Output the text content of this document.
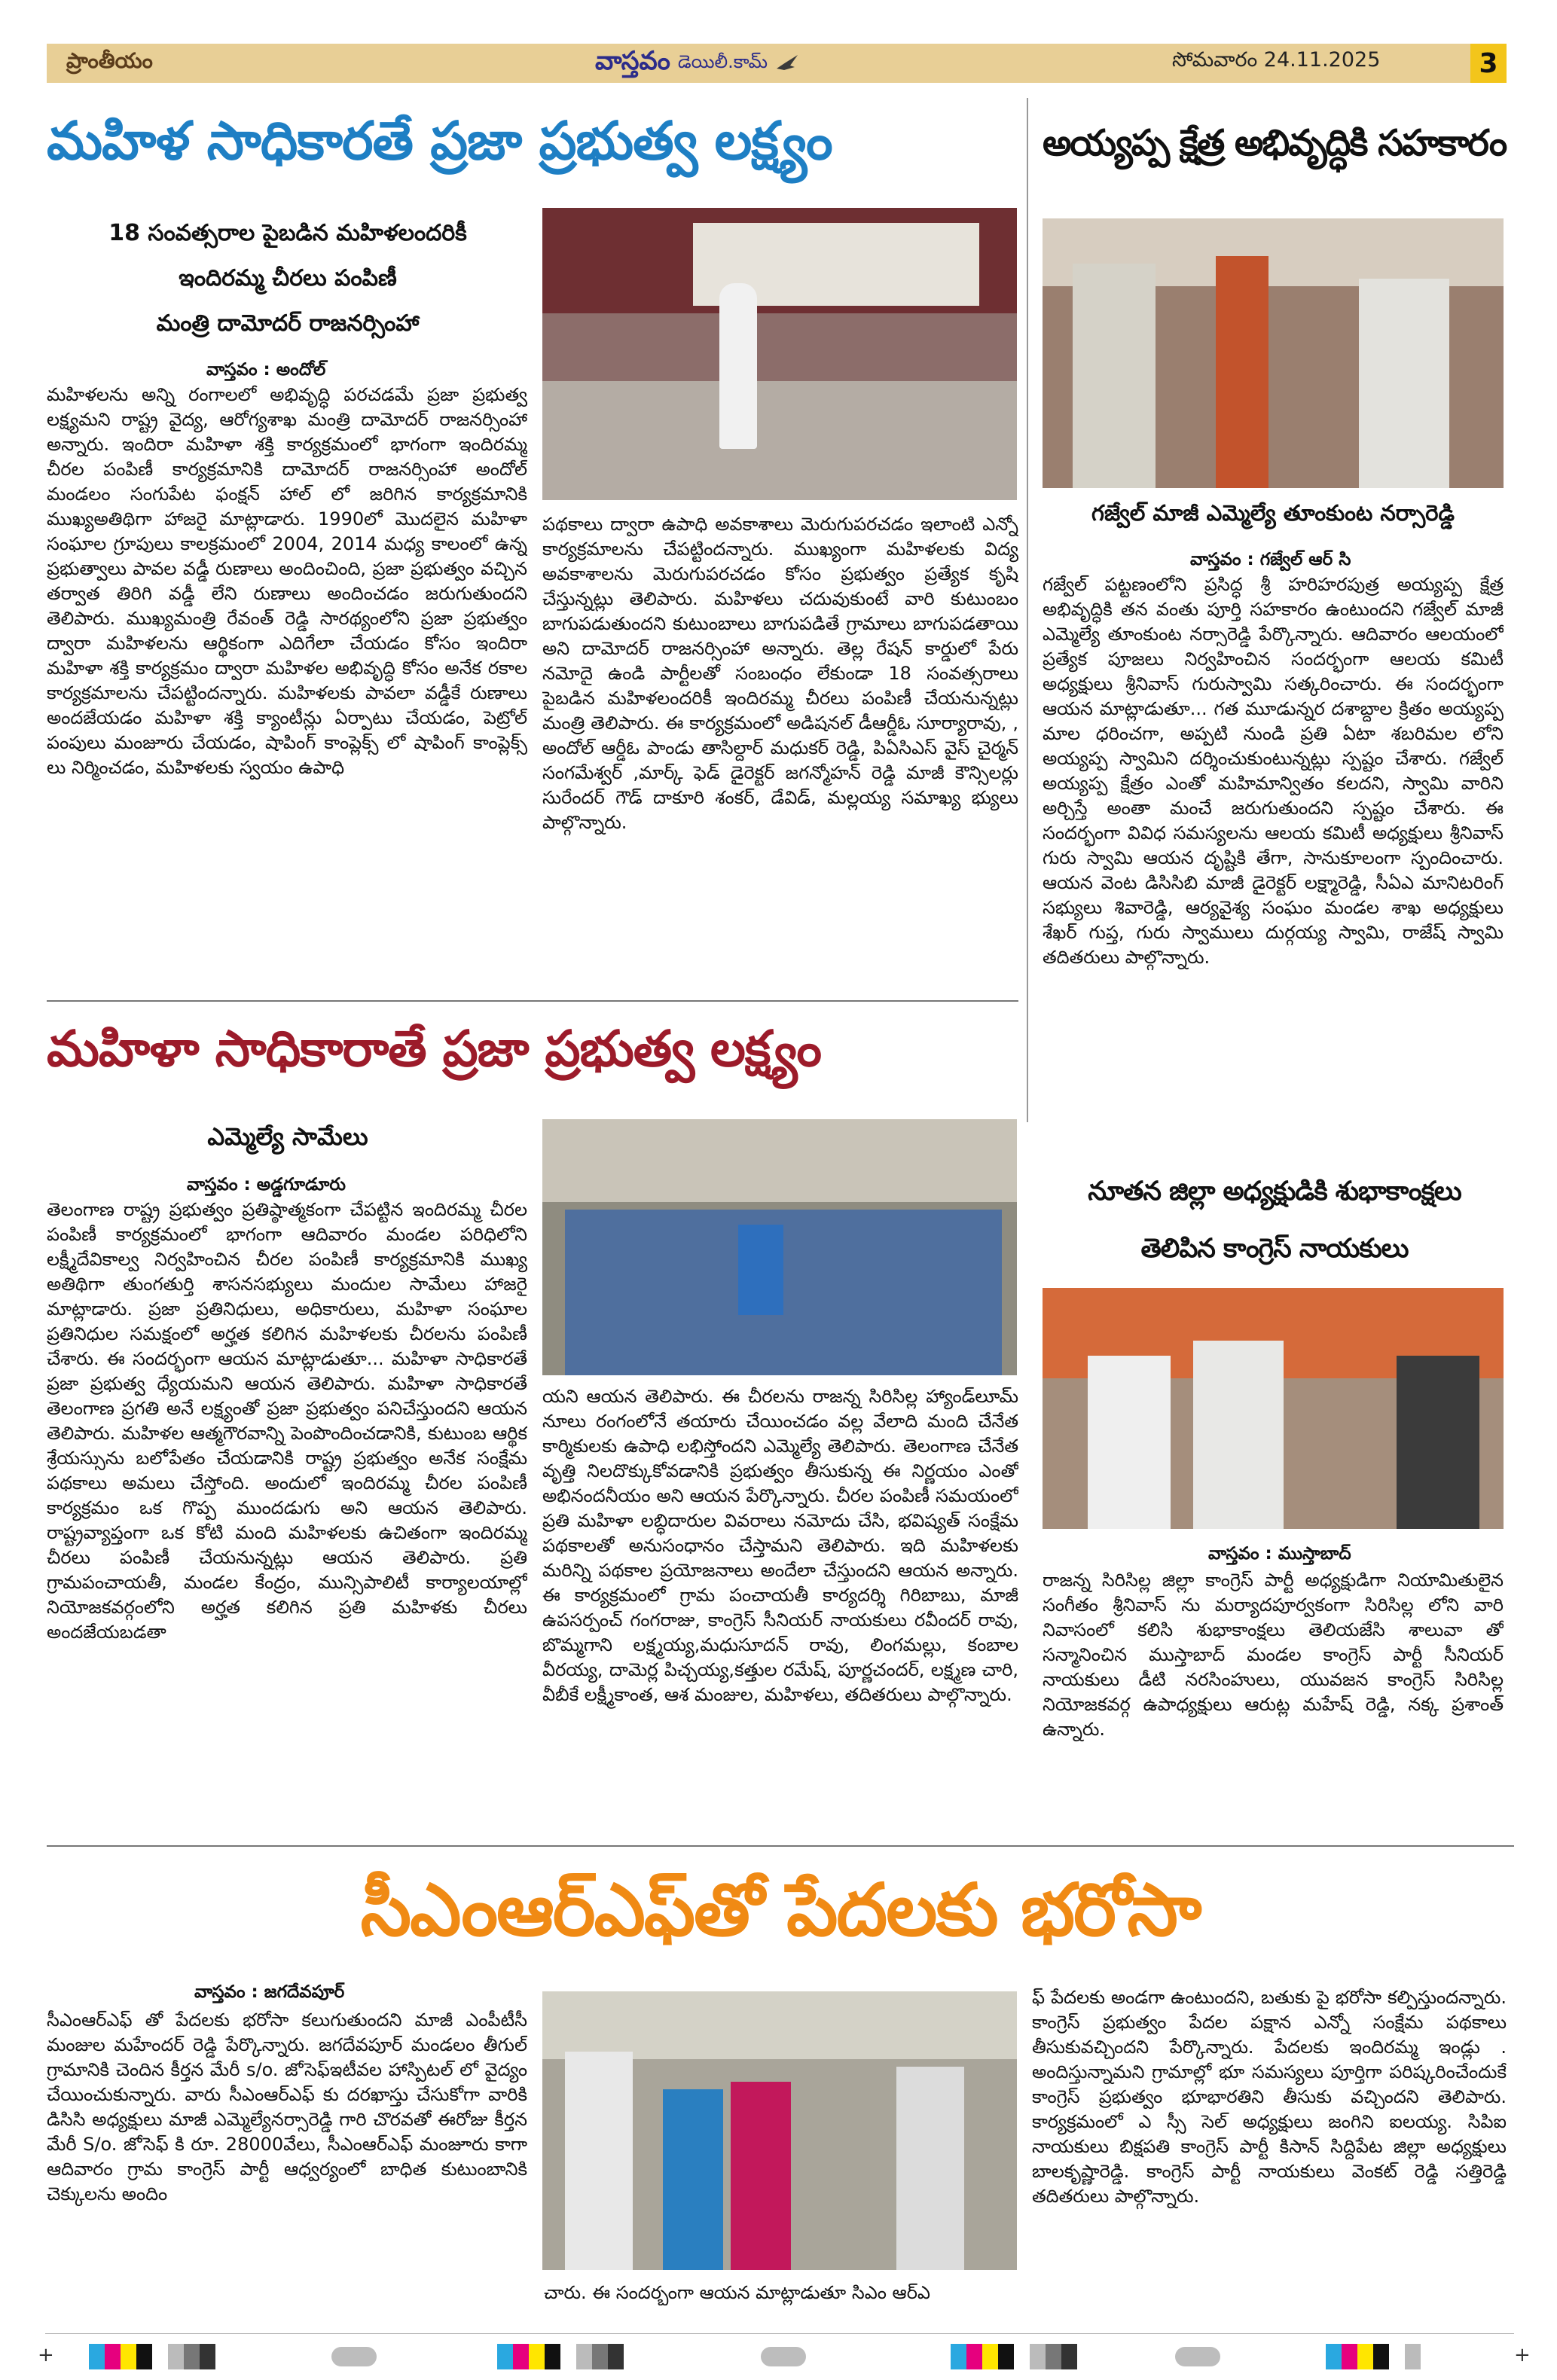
3
ప్రాంతీయం	వాస్తవం డెయిలీ.కామ్	సోమవారం 24.11.2025
మహిళ సాధికారతే ప్రజా ప్రభుత్వ లక్ష్యం
18 సంవత్సరాల పైబడిన మహిళలందరికీ
ఇందిరమ్మ చీరలు పంపిణీ
మంత్రి దామోదర్ రాజనర్సింహా
వాస్తవం : అందోల్

మహిళలను అన్ని రంగాలలో అభివృద్ధి పరచడమే ప్రజా ప్రభుత్వ లక్ష్యమని రాష్ట్ర వైద్య, ఆరోగ్యశాఖ మంత్రి దామోదర్ రాజనర్సింహా అన్నారు. ఇందిరా మహిళా శక్తి కార్యక్రమంలో భాగంగా ఇందిరమ్మ చీరల పంపిణీ కార్యక్రమానికి దామోదర్ రాజనర్సింహా అందోల్ మండలం సంగుపేట ఫంక్షన్ హాల్ లో జరిగిన కార్యక్రమానికి ముఖ్యఅతిథిగా హాజరై మాట్లాడారు. 1990లో మొదలైన మహిళా సంఘాల గ్రూపులు కాలక్రమంలో 2004, 2014 మధ్య కాలంలో ఉన్న ప్రభుత్వాలు పావల వడ్డీ రుణాలు అందించింది, ప్రజా ప్రభుత్వం వచ్చిన తర్వాత తిరిగి వడ్డీ లేని రుణాలు అందించడం జరుగుతుందని తెలిపారు. ముఖ్యమంత్రి రేవంత్ రెడ్డి సారథ్యంలోని ప్రజా ప్రభుత్వం ద్వారా మహిళలను ఆర్థికంగా ఎదిగేలా చేయడం కోసం ఇందిరా మహిళా శక్తి కార్యక్రమం ద్వారా మహిళల అభివృద్ధి కోసం అనేక రకాల కార్యక్రమాలను చేపట్టిందన్నారు. మహిళలకు పావలా వడ్డీకే రుణాలు అందజేయడం మహిళా శక్తి క్యాంటీన్లు ఏర్పాటు చేయడం, పెట్రోల్ పంపులు మంజూరు చేయడం, షాపింగ్ కాంప్లెక్స్ లో షాపింగ్ కాంప్లెక్స్ లు నిర్మించడం, మహిళలకు స్వయం ఉపాధి

పథకాలు ద్వారా ఉపాధి అవకాశాలు మెరుగుపరచడం ఇలాంటి ఎన్నో కార్యక్రమాలను చేపట్టిందన్నారు. ముఖ్యంగా మహిళలకు విద్య అవకాశాలను మెరుగుపరచడం కోసం ప్రభుత్వం ప్రత్యేక కృషి చేస్తున్నట్లు తెలిపారు. మహిళలు చదువుకుంటే వారి కుటుంబం బాగుపడుతుందని కుటుంబాలు బాగుపడితే గ్రామాలు బాగుపడతాయి అని దామోదర్ రాజనర్సింహా అన్నారు. తెల్ల రేషన్ కార్డులో పేరు నమోదై ఉండి పార్టీలతో సంబంధం లేకుండా 18 సంవత్సరాలు పైబడిన మహిళలందరికీ ఇందిరమ్మ చీరలు పంపిణీ చేయనున్నట్లు మంత్రి తెలిపారు. ఈ కార్యక్రమంలో అడిషనల్ డీఆర్డీఓ సూర్యారావు, , అందోల్ ఆర్డీఓ పాండు తాసిల్దార్ మధుకర్ రెడ్డి, పిఏసిఎస్ వైస్ చైర్మన్ సంగమేశ్వర్ ,మార్క్ ఫెడ్ డైరెక్టర్ జగన్మోహన్ రెడ్డి మాజీ కౌన్సిలర్లు సురేందర్ గౌడ్ దాకూరి శంకర్, డేవిడ్, మల్లయ్య సమాఖ్య భ్యులు పాల్గొన్నారు.

మహిళా సాధికారాతే ప్రజా ప్రభుత్వ లక్ష్యం
ఎమ్మెల్యే సామేలు
వాస్తవం : అడ్డగూడూరు

తెలంగాణ రాష్ట్ర ప్రభుత్వం ప్రతిష్ఠాత్మకంగా చేపట్టిన ఇందిరమ్మ చీరల పంపిణీ కార్యక్రమంలో భాగంగా ఆదివారం మండల పరిధిలోని లక్ష్మీదేవికాల్వ నిర్వహించిన చీరల పంపిణీ కార్యక్రమానికి ముఖ్య అతిథిగా తుంగతుర్తి శాసనసభ్యులు మందుల సామేలు హాజరై మాట్లాడారు. ప్రజా ప్రతినిధులు, అధికారులు, మహిళా సంఘాల ప్రతినిధుల సమక్షంలో అర్హత కలిగిన మహిళలకు చీరలను పంపిణీ చేశారు. ఈ సందర్భంగా ఆయన మాట్లాడుతూ... మహిళా సాధికారతే ప్రజా ప్రభుత్వ ధ్యేయమని ఆయన తెలిపారు. మహిళా సాధికారతే తెలంగాణ ప్రగతి అనే లక్ష్యంతో ప్రజా ప్రభుత్వం పనిచేస్తుందని ఆయన తెలిపారు. మహిళల ఆత్మగౌరవాన్ని పెంపొందించడానికి, కుటుంబ ఆర్థిక శ్రేయస్సును బలోపేతం చేయడానికి రాష్ట్ర ప్రభుత్వం అనేక సంక్షేమ పథకాలు అమలు చేస్తోంది. అందులో ఇందిరమ్మ చీరల పంపిణీ కార్యక్రమం ఒక గొప్ప ముందడుగు అని ఆయన తెలిపారు. రాష్ట్రవ్యాప్తంగా ఒక కోటి మంది మహిళలకు ఉచితంగా ఇందిరమ్మ చీరలు పంపిణీ చేయనున్నట్లు ఆయన తెలిపారు. ప్రతి గ్రామపంచాయతీ, మండల కేంద్రం, మున్సిపాలిటీ కార్యాలయాల్లో నియోజకవర్గంలోని అర్హత కలిగిన ప్రతి మహిళకు చీరలు అందజేయబడతా

యని ఆయన తెలిపారు. ఈ చీరలను రాజన్న సిరిసిల్ల హ్యాండ్‌లూమ్ నూలు రంగంలోనే తయారు చేయించడం వల్ల వేలాది మంది చేనేత కార్మికులకు ఉపాధి లభిస్తోందని ఎమ్మెల్యే తెలిపారు. తెలంగాణ చేనేత వృత్తి నిలదొక్కుకోవడానికి ప్రభుత్వం తీసుకున్న ఈ నిర్ణయం ఎంతో అభినందనీయం అని ఆయన పేర్కొన్నారు. చీరల పంపిణీ సమయంలో ప్రతి మహిళా లబ్ధిదారుల వివరాలు నమోదు చేసి, భవిష్యత్ సంక్షేమ పథకాలతో అనుసంధానం చేస్తామని తెలిపారు. ఇది మహిళలకు మరిన్ని పథకాల ప్రయోజనాలు అందేలా చేస్తుందని ఆయన అన్నారు. ఈ కార్యక్రమంలో గ్రామ పంచాయతీ కార్యదర్శి గిరిబాబు, మాజీ ఉపసర్పంచ్ గంగరాజు, కాంగ్రెస్ సీనియర్ నాయకులు రవీందర్ రావు, బొమ్మగాని లక్ష్మయ్య,మధుసూదన్ రావు, లింగమల్లు, కంబాల వీరయ్య, దామెర్ల పిచ్చయ్య,కత్తుల రమేష్, పూర్ణచందర్, లక్ష్మణ చారి, వీబీకే లక్ష్మీకాంత, ఆశ మంజుల, మహిళలు, తదితరులు పాల్గొన్నారు.

అయ్యప్ప క్షేత్ర అభివృద్ధికి సహకారం
గజ్వేల్ మాజీ ఎమ్మెల్యే తూంకుంట నర్సారెడ్డి
వాస్తవం : గజ్వేల్ ఆర్ సి

గజ్వేల్ పట్టణంలోని ప్రసిద్ధ శ్రీ హరిహరపుత్ర అయ్యప్ప క్షేత్ర అభివృద్ధికి తన వంతు పూర్తి సహకారం ఉంటుందని గజ్వేల్ మాజీ ఎమ్మెల్యే తూంకుంట నర్సారెడ్డి పేర్కొన్నారు. ఆదివారం ఆలయంలో ప్రత్యేక పూజలు నిర్వహించిన సందర్భంగా ఆలయ కమిటీ అధ్యక్షులు శ్రీనివాస్ గురుస్వామి సత్కరించారు. ఈ సందర్భంగా ఆయన మాట్లాడుతూ... గత మూడున్నర దశాబ్దాల క్రితం అయ్యప్ప మాల ధరించగా, అప్పటి నుండి ప్రతి ఏటా శబరిమల లోని అయ్యప్ప స్వామిని దర్శించుకుంటున్నట్లు స్పష్టం చేశారు. గజ్వేల్ అయ్యప్ప క్షేత్రం ఎంతో మహిమాన్వితం కలదని, స్వామి వారిని అర్చిస్తే అంతా మంచే జరుగుతుందని స్పష్టం చేశారు. ఈ సందర్భంగా వివిధ సమస్యలను ఆలయ కమిటీ అధ్యక్షులు శ్రీనివాస్ గురు స్వామి ఆయన దృష్టికి తేగా, సానుకూలంగా స్పందించారు. ఆయన వెంట డిసిసిబి మాజీ డైరెక్టర్ లక్ష్మారెడ్డి, సీఏఎ మానిటరింగ్ సభ్యులు శివారెడ్డి, ఆర్యవైశ్య సంఘం మండల శాఖ అధ్యక్షులు శేఖర్ గుప్త, గురు స్వాములు దుర్గయ్య స్వామి, రాజేష్ స్వామి తదితరులు పాల్గొన్నారు.

నూతన జిల్లా అధ్యక్షుడికి శుభాకాంక్షలు
తెలిపిన కాంగ్రెస్ నాయకులు
వాస్తవం : ముస్తాబాద్

రాజన్న సిరిసిల్ల జిల్లా కాంగ్రెస్ పార్టీ అధ్యక్షుడిగా నియామితులైన సంగీతం శ్రీనివాస్ ను మర్యాదపూర్వకంగా సిరిసిల్ల లోని వారి నివాసంలో కలిసి శుభాకాంక్షలు తెలియజేసి శాలువా తో సన్మానించిన ముస్తాబాద్ మండల కాంగ్రెస్ పార్టీ సీనియర్ నాయకులు డీటి నరసింహులు, యువజన కాంగ్రెస్ సిరిసిల్ల నియోజకవర్గ ఉపాధ్యక్షులు ఆరుట్ల మహేష్ రెడ్డి, నక్క ప్రశాంత్ ఉన్నారు.

సీఎంఆర్ఎఫ్‌తో పేదలకు భరోసా
వాస్తవం : జగదేవపూర్

సీఎంఆర్ఎఫ్ తో పేదలకు భరోసా కలుగుతుందని మాజీ ఎంపీటీసీ మంజుల మహేందర్ రెడ్డి పేర్కొన్నారు. జగదేవపూర్ మండలం తీగుల్ గ్రామానికి చెందిన కీర్తన మేరీ s/o. జోసెఫ్ఇటీవల హాస్పిటల్ లో వైద్యం చేయించుకున్నారు. వారు సీఎంఆర్ఎఫ్ కు దరఖాస్తు చేసుకోగా వారికి డిసిసి అధ్యక్షులు మాజీ ఎమ్మెల్యేనర్సారెడ్డి గారి చొరవతో ఈరోజు కీర్తన మేరీ S/o. జోసెఫ్ కి రూ. 28000వేలు, సీఎంఆర్ఎఫ్ మంజూరు కాగా ఆదివారం గ్రామ కాంగ్రెస్ పార్టీ ఆధ్వర్యంలో బాధిత కుటుంబానికి చెక్కులను అందిం

చారు. ఈ సందర్భంగా ఆయన మాట్లాడుతూ సిఎం ఆర్ఎ

ఫ్ పేదలకు అండగా ఉంటుందని, బతుకు పై భరోసా కల్పిస్తుందన్నారు. కాంగ్రెస్ ప్రభుత్వం పేదల పక్షాన ఎన్నో సంక్షేమ పథకాలు తీసుకువచ్చిందని పేర్కొన్నారు. పేదలకు ఇందిరమ్మ ఇండ్లు . అందిస్తున్నామని గ్రామాల్లో భూ సమస్యలు పూర్తిగా పరిష్కరించేందుకే కాంగ్రెస్ ప్రభుత్వం భూభారతిని తీసుకు వచ్చిందని తెలిపారు. కార్యక్రమంలో ఎ స్సీ సెల్ అధ్యక్షులు జంగిని ఐలయ్య. సిపిఐ నాయకులు బిక్షపతి కాంగ్రెస్ పార్టీ కిసాన్ సిద్దిపేట జిల్లా అధ్యక్షులు బాలకృష్ణారెడ్డి. కాంగ్రెస్ పార్టీ నాయకులు వెంకట్ రెడ్డి సత్తిరెడ్డి తదితరులు పాల్గొన్నారు.

+	+
